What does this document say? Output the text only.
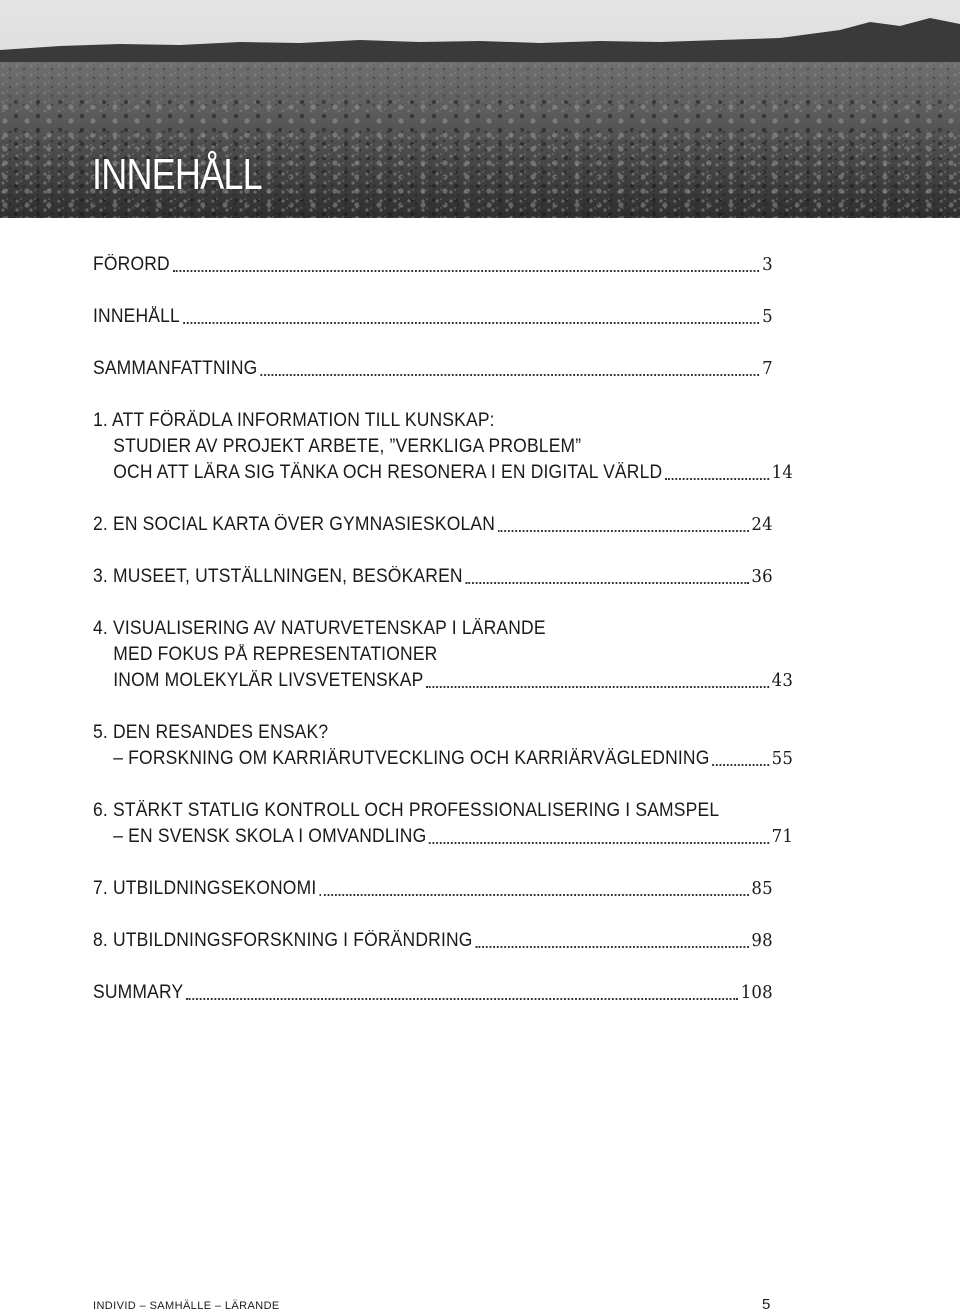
INNEHÅLL
FÖRORD	3
INNEHÅLL	5
SAMMANFATTNING	7
1. ATT FÖRÄDLA INFORMATION TILL KUNSKAP:
STUDIER AV PROJEKT ARBETE, ”VERKLIGA PROBLEM”
OCH ATT LÄRA SIG TÄNKA OCH RESONERA I EN DIGITAL VÄRLD	14
2. EN SOCIAL KARTA ÖVER GYMNASIESKOLAN	24
3. MUSEET, UTSTÄLLNINGEN, BESÖKAREN	36
4. VISUALISERING AV NATURVETENSKAP I LÄRANDE
MED FOKUS PÅ REPRESENTATIONER
INOM MOLEKYLÄR LIVSVETENSKAP	43
5. DEN RESANDES ENSAK?
– FORSKNING OM KARRIÄRUTVECKLING OCH KARRIÄRVÄGLEDNING	55
6. STÄRKT STATLIG KONTROLL OCH PROFESSIONALISERING I SAMSPEL
– EN SVENSK SKOLA I OMVANDLING	71
7. UTBILDNINGSEKONOMI	85
8. UTBILDNINGSFORSKNING I FÖRÄNDRING	98
SUMMARY	108
INDIVID – SAMHÄLLE – LÄRANDE	5
